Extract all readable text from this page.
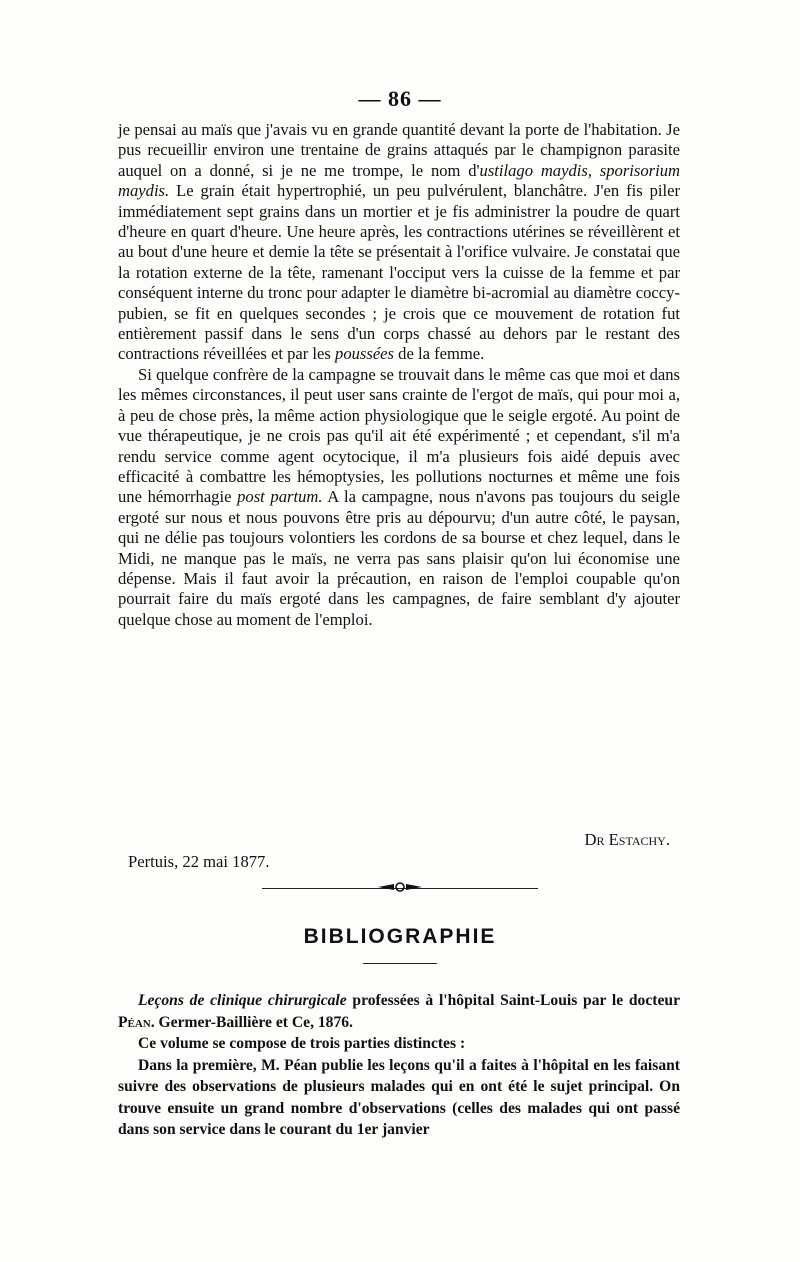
— 86 —

je pensai au maïs que j'avais vu en grande quantité devant la porte de l'habitation. Je pus recueillir environ une trentaine de grains attaqués par le champignon parasite auquel on a donné, si je ne me trompe, le nom d'ustilago maydis, sporisorium maydis. Le grain était hypertrophié, un peu pulvérulent, blanchâtre. J'en fis piler immédiatement sept grains dans un mortier et je fis administrer la poudre de quart d'heure en quart d'heure. Une heure après, les contractions utérines se réveillèrent et au bout d'une heure et demie la tête se présentait à l'orifice vulvaire. Je constatai que la rotation externe de la tête, ramenant l'occiput vers la cuisse de la femme et par conséquent interne du tronc pour adapter le diamètre bi-acromial au diamètre coccy-pubien, se fit en quelques secondes ; je crois que ce mouvement de rotation fut entièrement passif dans le sens d'un corps chassé au dehors par le restant des contractions réveillées et par les poussées de la femme.

Si quelque confrère de la campagne se trouvait dans le même cas que moi et dans les mêmes circonstances, il peut user sans crainte de l'ergot de maïs, qui pour moi a, à peu de chose près, la même action physiologique que le seigle ergoté. Au point de vue thérapeutique, je ne crois pas qu'il ait été expérimenté ; et cependant, s'il m'a rendu service comme agent ocytocique, il m'a plusieurs fois aidé depuis avec efficacité à combattre les hémoptysies, les pollutions nocturnes et même une fois une hémorrhagie post partum. A la campagne, nous n'avons pas toujours du seigle ergoté sur nous et nous pouvons être pris au dépourvu; d'un autre côté, le paysan, qui ne délie pas toujours volontiers les cordons de sa bourse et chez lequel, dans le Midi, ne manque pas le maïs, ne verra pas sans plaisir qu'on lui économise une dépense. Mais il faut avoir la précaution, en raison de l'emploi coupable qu'on pourrait faire du maïs ergoté dans les campagnes, de faire semblant d'y ajouter quelque chose au moment de l'emploi.

Dr Estachy.
Pertuis, 22 mai 1877.
BIBLIOGRAPHIE

Leçons de clinique chirurgicale professées à l'hôpital Saint-Louis par le docteur Péan. Germer-Baillière et Ce, 1876.

Ce volume se compose de trois parties distinctes :

Dans la première, M. Péan publie les leçons qu'il a faites à l'hôpital en les faisant suivre des observations de plusieurs malades qui en ont été le sujet principal. On trouve ensuite un grand nombre d'observations (celles des malades qui ont passé dans son service dans le courant du 1er janvier
